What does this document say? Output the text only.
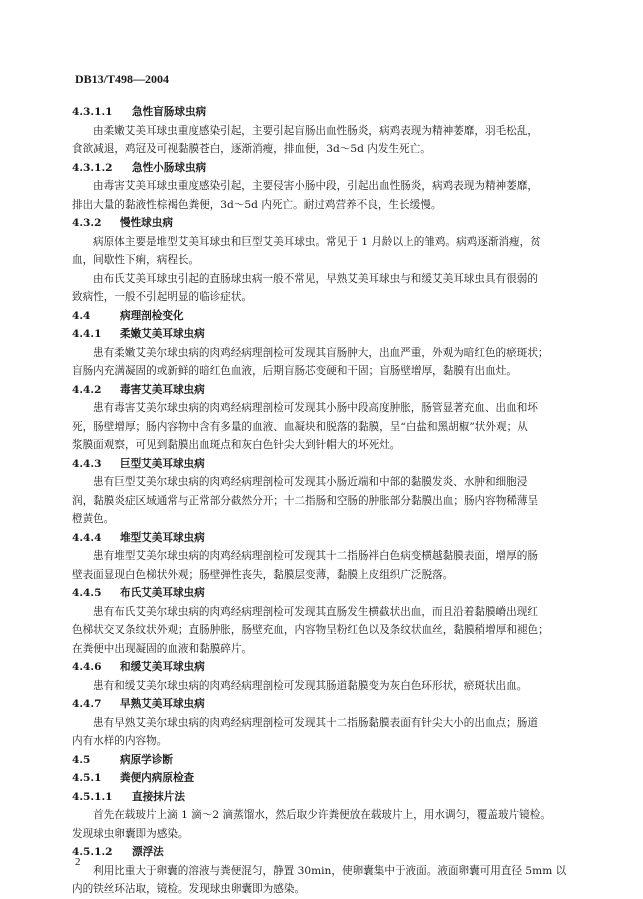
DB13/T498—2004
4.3.1.1 急性盲肠球虫病
由柔嫩艾美耳球虫重度感染引起，主要引起盲肠出血性肠炎，病鸡表现为精神萎靡，羽毛松乱，
食欲减退，鸡冠及可视黏膜苍白，逐渐消瘦，排血便，3d～5d 内发生死亡。
4.3.1.2 急性小肠球虫病
由毒害艾美耳球虫重度感染引起，主要侵害小肠中段，引起出血性肠炎，病鸡表现为精神萎靡，
排出大量的黏液性棕褐色粪便，3d～5d 内死亡。耐过鸡营养不良，生长缓慢。
4.3.2 慢性球虫病
病原体主要是堆型艾美耳球虫和巨型艾美耳球虫。常见于 1 月龄以上的雏鸡。病鸡逐渐消瘦，贫
血，间歇性下痢，病程长。
由布氏艾美耳球虫引起的直肠球虫病一般不常见，早熟艾美耳球虫与和缓艾美耳球虫具有很弱的
致病性，一般不引起明显的临诊症状。
4.4	病理剖检变化
4.4.1 柔嫩艾美耳球虫病
患有柔嫩艾美尔球虫病的肉鸡经病理剖检可发现其盲肠肿大，出血严重，外观为暗红色的瘀斑状；
盲肠内充满凝固的或新鲜的暗红色血液，后期盲肠芯变硬和干固；盲肠壁增厚，黏膜有出血灶。
4.4.2 毒害艾美耳球虫病
患有毒害艾美尔球虫病的肉鸡经病理剖检可发现其小肠中段高度肿胀，肠管显著充血、出血和坏
死，肠壁增厚；肠内容物中含有多量的血液、血凝块和脱落的黏膜，呈“白盐和黑胡椒”状外观；从
浆膜面观察，可见到黏膜出血斑点和灰白色针尖大到针帽大的坏死灶。
4.4.3 巨型艾美耳球虫病
患有巨型艾美尔球虫病的肉鸡经病理剖检可发现其小肠近端和中部的黏膜发炎、水肿和细胞浸
润，黏膜炎症区域通常与正常部分截然分开；十二指肠和空肠的肿胀部分黏膜出血；肠内容物稀薄呈
橙黄色。
4.4.4 堆型艾美耳球虫病
患有堆型艾美尔球虫病的肉鸡经病理剖检可发现其十二指肠袢白色病变横越黏膜表面，增厚的肠
壁表面显现白色梯状外观；肠壁弹性丧失，黏膜层变薄，黏膜上皮组织广泛脱落。
4.4.5 布氏艾美耳球虫病
患有布氏艾美尔球虫病的肉鸡经病理剖检可发现其直肠发生横截状出血，而且沿着黏膜嵴出现红
色梯状交叉条纹状外观；直肠肿胀，肠壁充血，内容物呈粉红色以及条纹状血丝，黏膜稍增厚和褪色；
在粪便中出现凝固的血液和黏膜碎片。
4.4.6 和缓艾美耳球虫病
患有和缓艾美尔球虫病的肉鸡经病理剖检可发现其肠道黏膜变为灰白色环形状，瘀斑状出血。
4.4.7 早熟艾美耳球虫病
患有早熟艾美尔球虫病的肉鸡经病理剖检可发现其十二指肠黏膜表面有针尖大小的出血点；肠道
内有水样的内容物。
4.5	病原学诊断
4.5.1 粪便内病原检查
4.5.1.1 直接抹片法
首先在载玻片上滴 1 滴～2 滴蒸馏水，然后取少许粪便放在载玻片上，用水调匀，覆盖玻片镜检。
发现球虫卵囊即为感染。
4.5.1.2 漂浮法
利用比重大于卵囊的溶液与粪便混匀，静置 30min，使卵囊集中于液面。液面卵囊可用直径 5mm 以
内的铁丝环沾取，镜检。发现球虫卵囊即为感染。
2
